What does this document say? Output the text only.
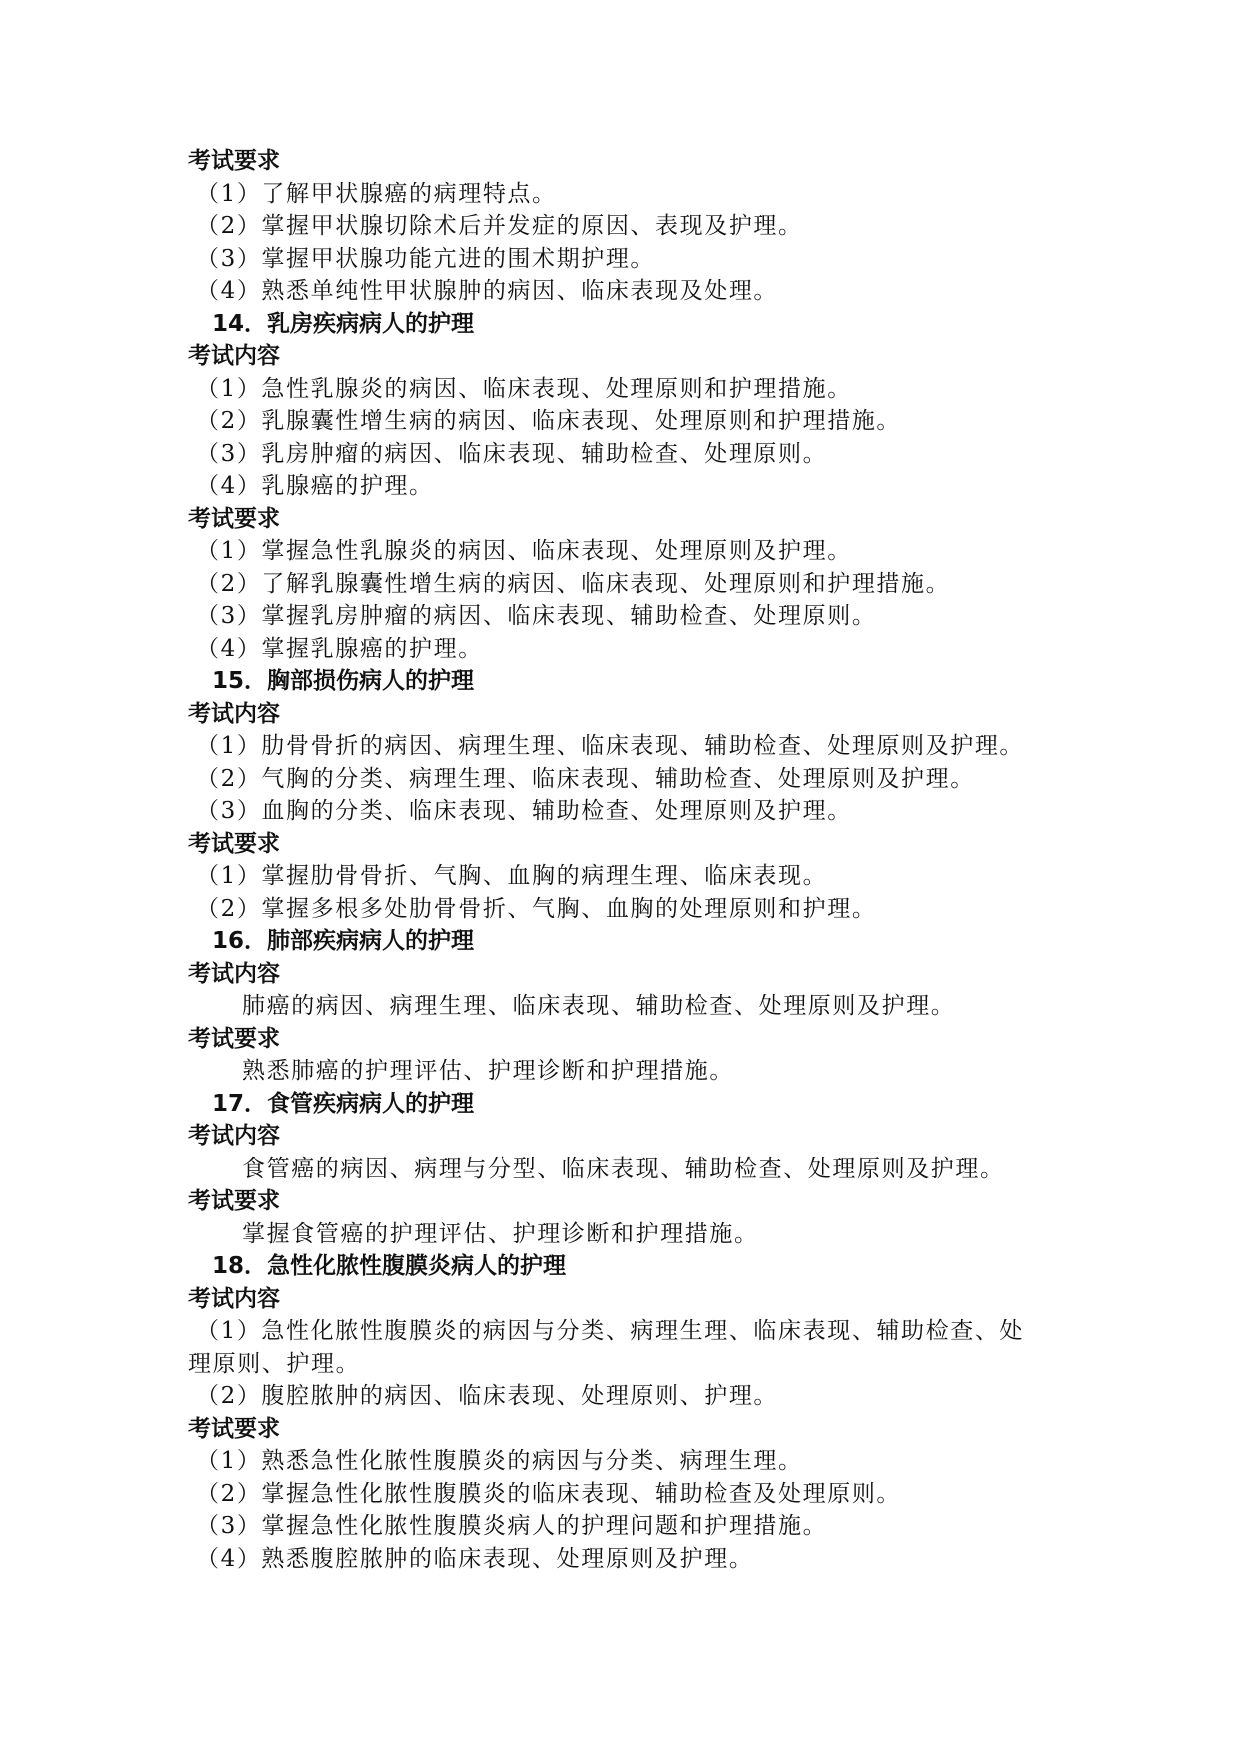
考试要求
（1）了解甲状腺癌的病理特点。
（2）掌握甲状腺切除术后并发症的原因、表现及护理。
（3）掌握甲状腺功能亢进的围术期护理。
（4）熟悉单纯性甲状腺肿的病因、临床表现及处理。
14．乳房疾病病人的护理
考试内容
（1）急性乳腺炎的病因、临床表现、处理原则和护理措施。
（2）乳腺囊性增生病的病因、临床表现、处理原则和护理措施。
（3）乳房肿瘤的病因、临床表现、辅助检查、处理原则。
（4）乳腺癌的护理。
考试要求
（1）掌握急性乳腺炎的病因、临床表现、处理原则及护理。
（2）了解乳腺囊性增生病的病因、临床表现、处理原则和护理措施。
（3）掌握乳房肿瘤的病因、临床表现、辅助检查、处理原则。
（4）掌握乳腺癌的护理。
15．胸部损伤病人的护理
考试内容
（1）肋骨骨折的病因、病理生理、临床表现、辅助检查、处理原则及护理。
（2）气胸的分类、病理生理、临床表现、辅助检查、处理原则及护理。
（3）血胸的分类、临床表现、辅助检查、处理原则及护理。
考试要求
（1）掌握肋骨骨折、气胸、血胸的病理生理、临床表现。
（2）掌握多根多处肋骨骨折、气胸、血胸的处理原则和护理。
16．肺部疾病病人的护理
考试内容
肺癌的病因、病理生理、临床表现、辅助检查、处理原则及护理。
考试要求
熟悉肺癌的护理评估、护理诊断和护理措施。
17．食管疾病病人的护理
考试内容
食管癌的病因、病理与分型、临床表现、辅助检查、处理原则及护理。
考试要求
掌握食管癌的护理评估、护理诊断和护理措施。
18．急性化脓性腹膜炎病人的护理
考试内容
（1）急性化脓性腹膜炎的病因与分类、病理生理、临床表现、辅助检查、处
理原则、护理。
（2）腹腔脓肿的病因、临床表现、处理原则、护理。
考试要求
（1）熟悉急性化脓性腹膜炎的病因与分类、病理生理。
（2）掌握急性化脓性腹膜炎的临床表现、辅助检查及处理原则。
（3）掌握急性化脓性腹膜炎病人的护理问题和护理措施。
（4）熟悉腹腔脓肿的临床表现、处理原则及护理。
